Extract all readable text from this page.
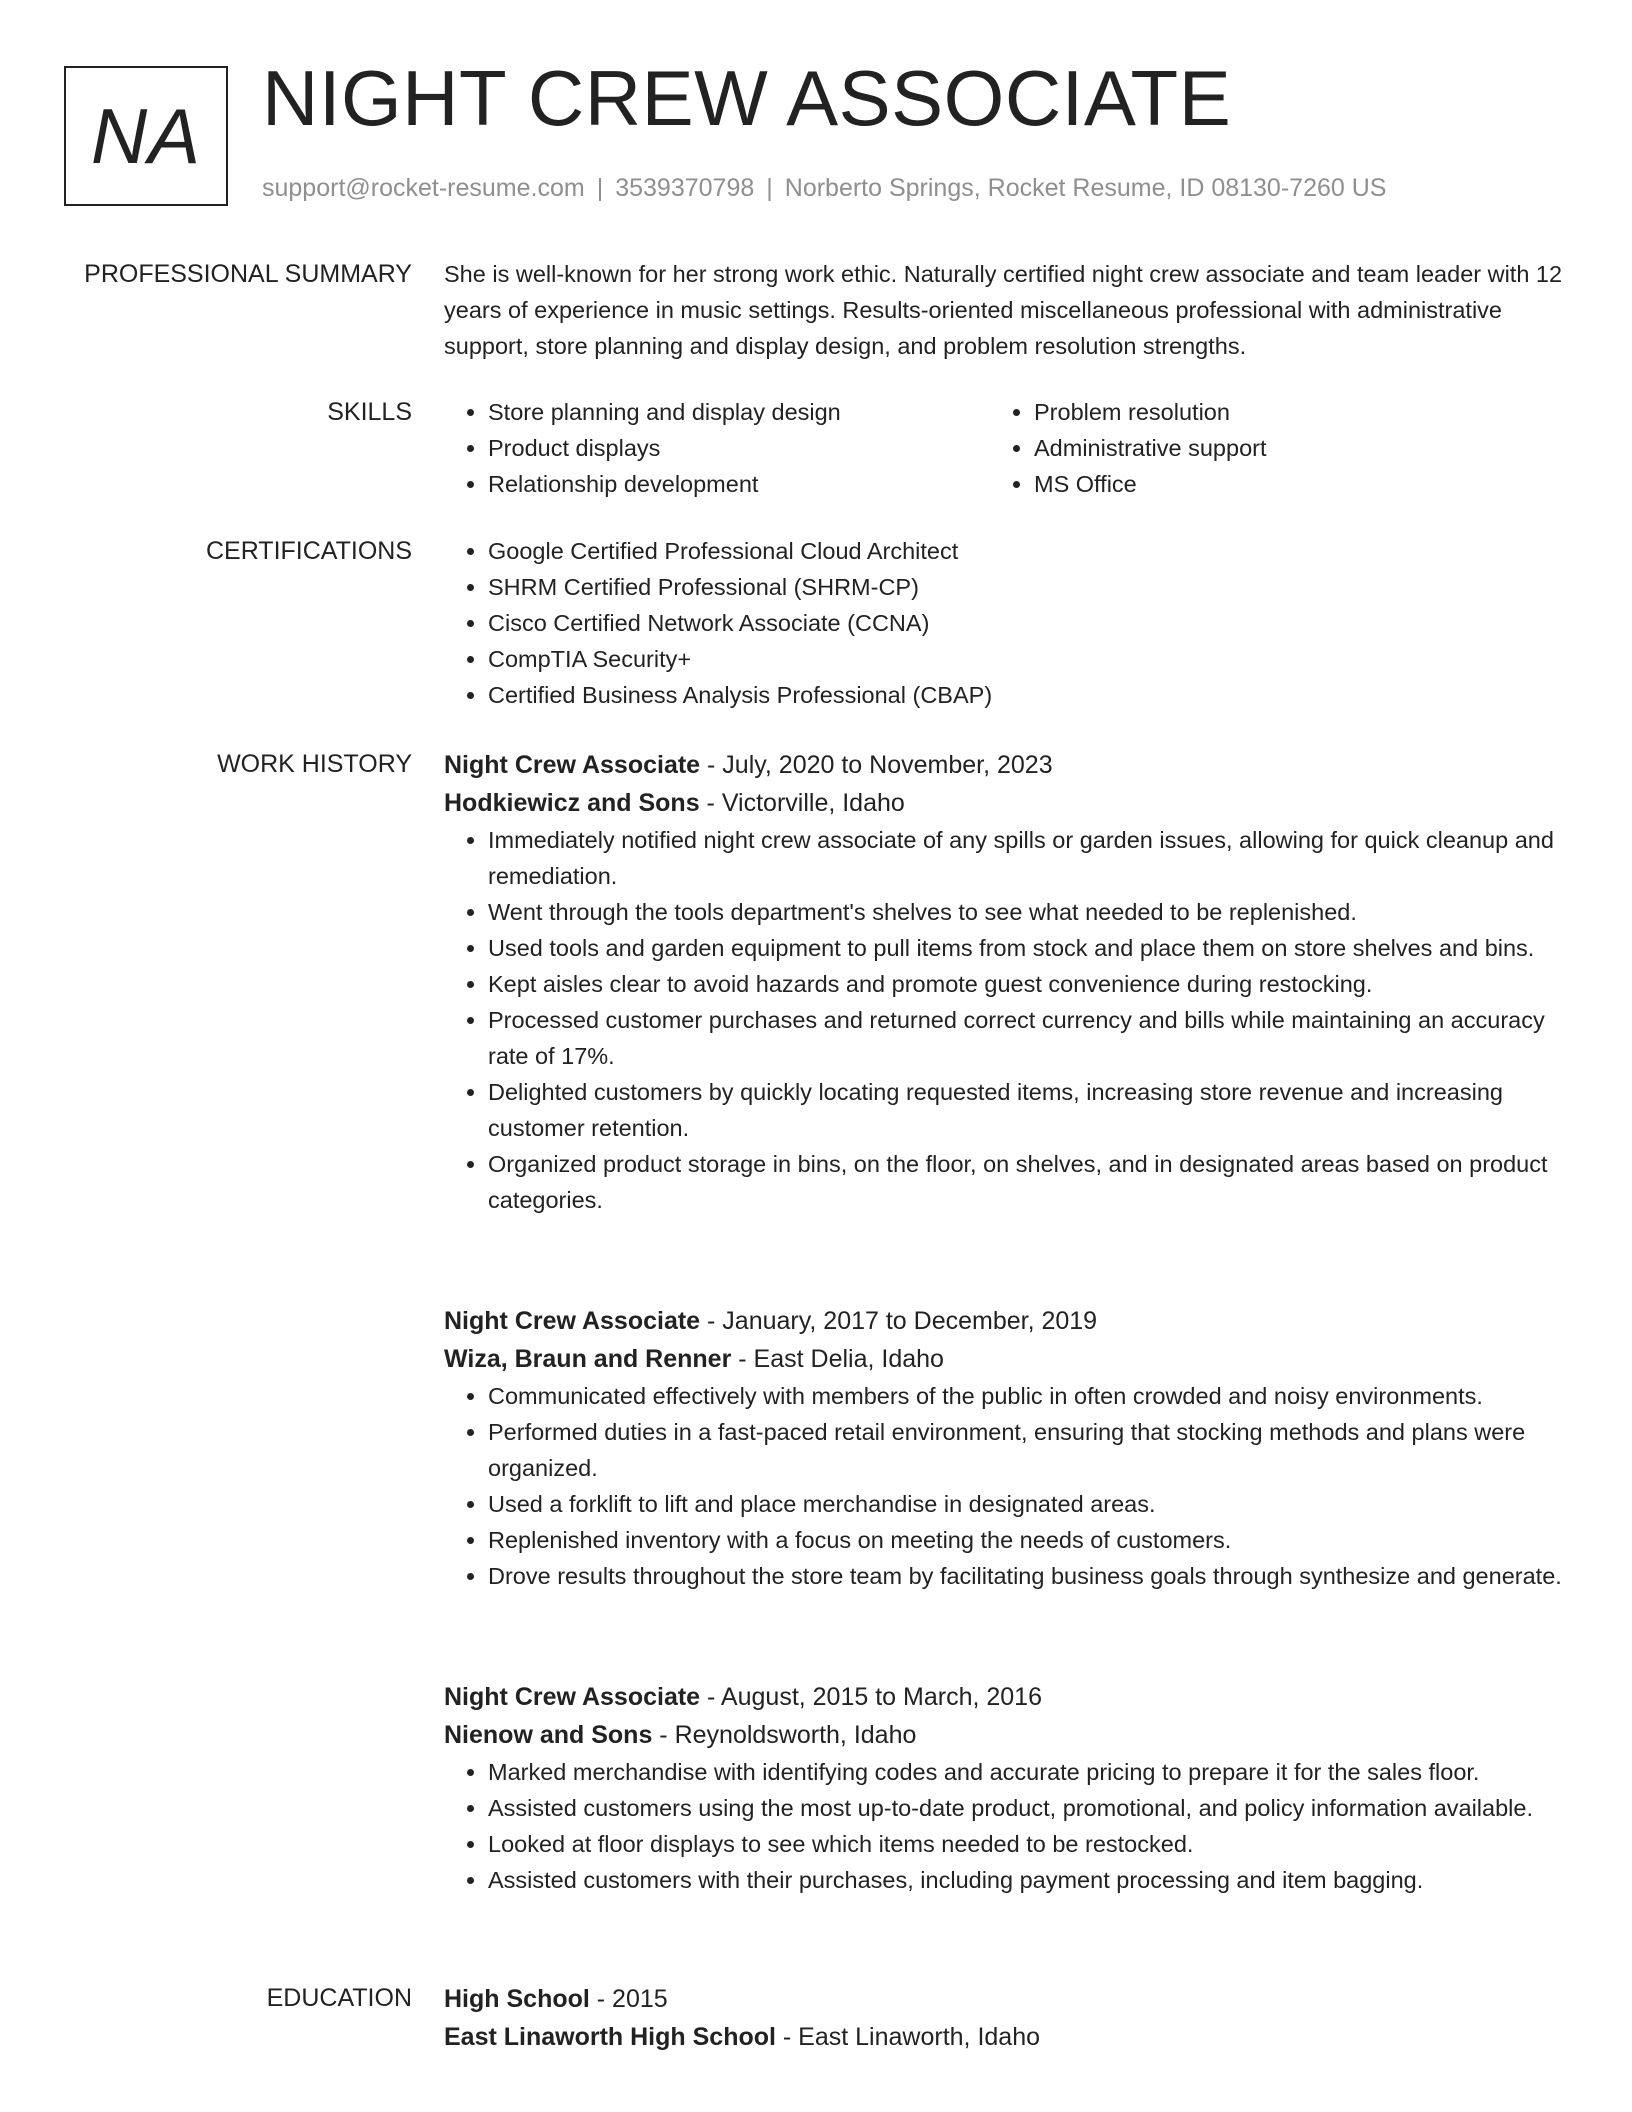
NA NIGHT CREW ASSOCIATE
support@rocket-resume.com | 3539370798 | Norberto Springs, Rocket Resume, ID 08130-7260 US
PROFESSIONAL SUMMARY She is well-known for her strong work ethic. Naturally certified night crew associate and team leader with 12 years of experience in music settings. Results-oriented miscellaneous professional with administrative support, store planning and display design, and problem resolution strengths.
SKILLS	• Store planning and display design
• Product displays
• Relationship development
• Problem resolution
• Administrative support
• MS Office
CERTIFICATIONS	• Google Certified Professional Cloud Architect
• SHRM Certified Professional (SHRM-CP)
• Cisco Certified Network Associate (CCNA)
• CompTIA Security+
• Certified Business Analysis Professional (CBAP)
WORK HISTORY Night Crew Associate - July, 2020 to November, 2023
Hodkiewicz and Sons - Victorville, Idaho
• Immediately notified night crew associate of any spills or garden issues, allowing for quick cleanup and remediation.
• Went through the tools department's shelves to see what needed to be replenished.
• Used tools and garden equipment to pull items from stock and place them on store shelves and bins.
• Kept aisles clear to avoid hazards and promote guest convenience during restocking.
• Processed customer purchases and returned correct currency and bills while maintaining an accuracy rate of 17%.
• Delighted customers by quickly locating requested items, increasing store revenue and increasing customer retention.
• Organized product storage in bins, on the floor, on shelves, and in designated areas based on product categories.
Night Crew Associate - January, 2017 to December, 2019
Wiza, Braun and Renner - East Delia, Idaho
• Communicated effectively with members of the public in often crowded and noisy environments.
• Performed duties in a fast-paced retail environment, ensuring that stocking methods and plans were organized.
• Used a forklift to lift and place merchandise in designated areas.
• Replenished inventory with a focus on meeting the needs of customers.
• Drove results throughout the store team by facilitating business goals through synthesize and generate.
Night Crew Associate - August, 2015 to March, 2016
Nienow and Sons - Reynoldsworth, Idaho
• Marked merchandise with identifying codes and accurate pricing to prepare it for the sales floor.
• Assisted customers using the most up-to-date product, promotional, and policy information available.
• Looked at floor displays to see which items needed to be restocked.
• Assisted customers with their purchases, including payment processing and item bagging.
EDUCATION High School - 2015
East Linaworth High School - East Linaworth, Idaho
